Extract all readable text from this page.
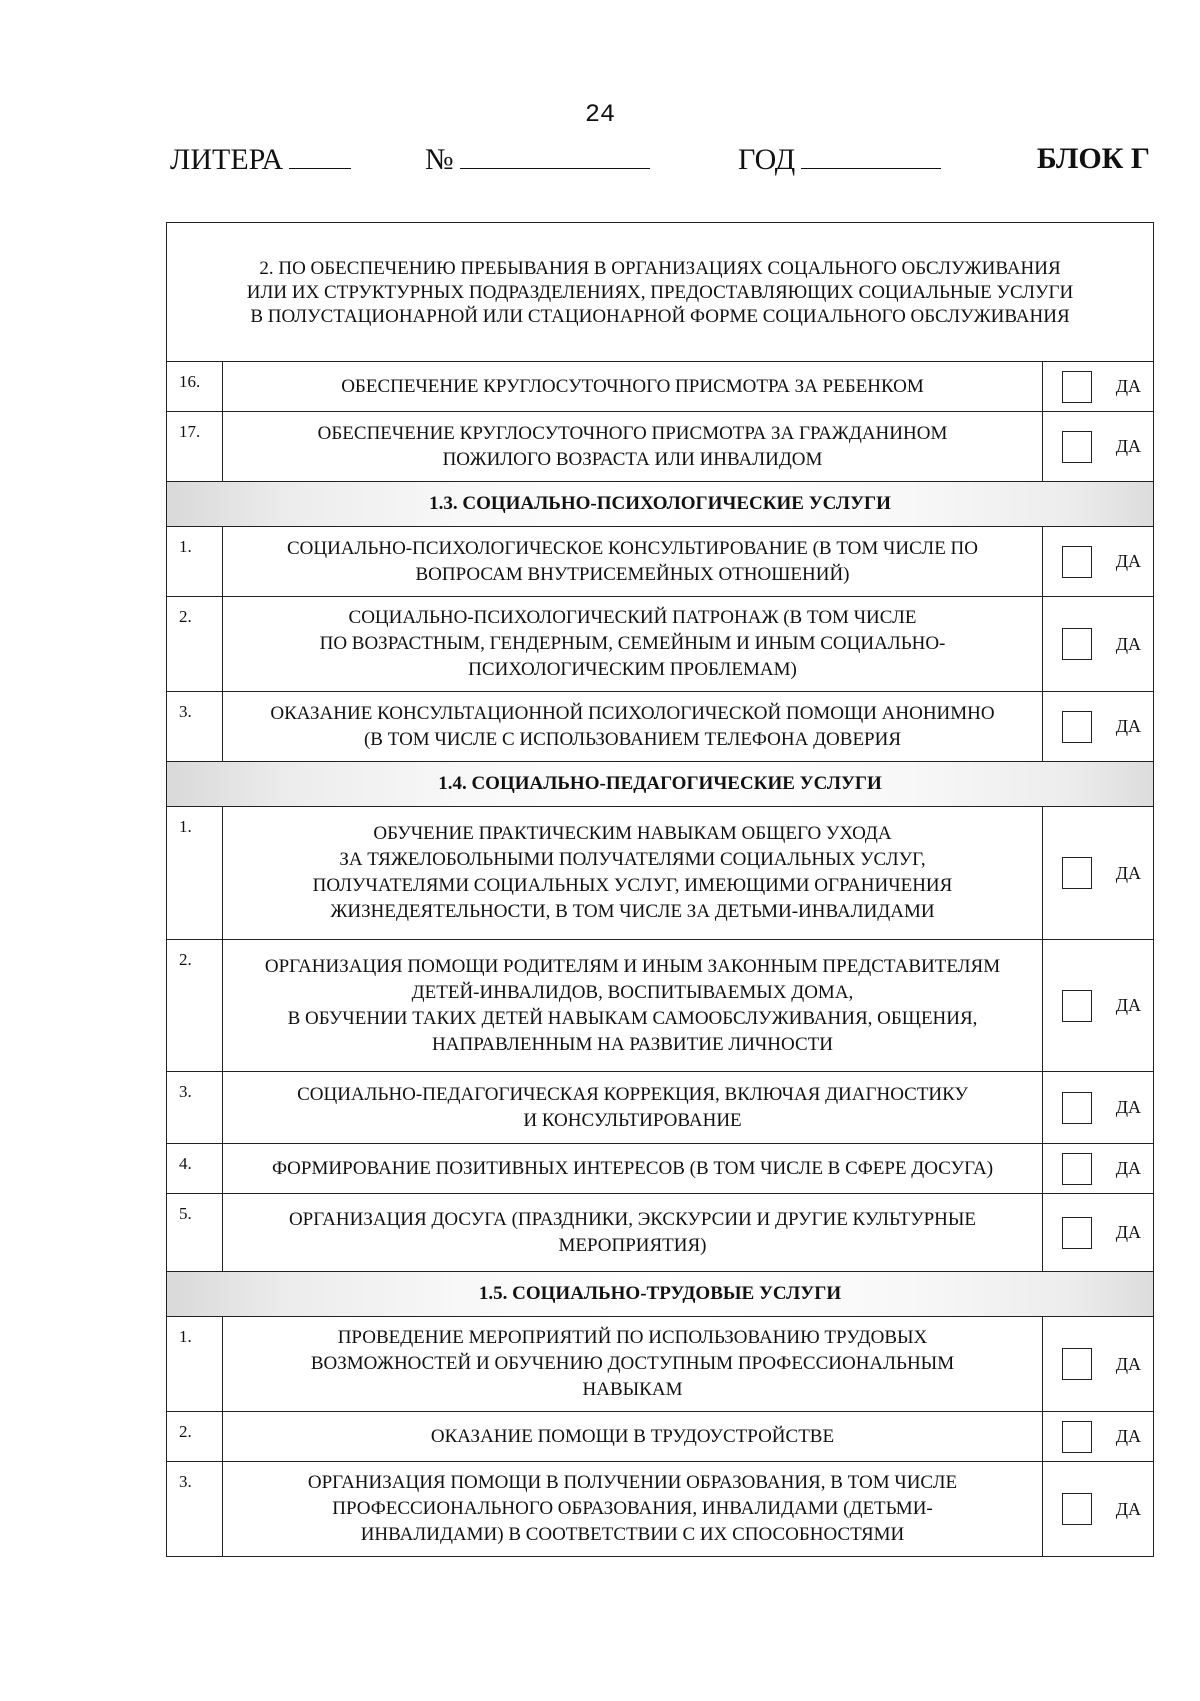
24
ЛИТЕРА	№	ГОД	БЛОК Г
2. ПО ОБЕСПЕЧЕНИЮ ПРЕБЫВАНИЯ В ОРГАНИЗАЦИЯХ СОЦАЛЬНОГО ОБСЛУЖИВАНИЯ
ИЛИ ИХ СТРУКТУРНЫХ ПОДРАЗДЕЛЕНИЯХ, ПРЕДОСТАВЛЯЮЩИХ СОЦИАЛЬНЫЕ УСЛУГИ
В ПОЛУСТАЦИОНАРНОЙ ИЛИ СТАЦИОНАРНОЙ ФОРМЕ СОЦИАЛЬНОГО ОБСЛУЖИВАНИЯ		

16.	ОБЕСПЕЧЕНИЕ КРУГЛОСУТОЧНОГО ПРИСМОТРА ЗА РЕБЕНКОМ	ДА

17.	ОБЕСПЕЧЕНИЕ КРУГЛОСУТОЧНОГО ПРИСМОТРА ЗА ГРАЖДАНИНОМ
ПОЖИЛОГО ВОЗРАСТА ИЛИ ИНВАЛИДОМ	ДА

1.3. СОЦИАЛЬНО-ПСИХОЛОГИЧЕСКИЕ УСЛУГИ		
1.	СОЦИАЛЬНО-ПСИХОЛОГИЧЕСКОЕ КОНСУЛЬТИРОВАНИЕ (В ТОМ ЧИСЛЕ ПО
ВОПРОСАМ ВНУТРИСЕМЕЙНЫХ ОТНОШЕНИЙ)	ДА

2.	СОЦИАЛЬНО-ПСИХОЛОГИЧЕСКИЙ ПАТРОНАЖ (В ТОМ ЧИСЛЕ
ПО ВОЗРАСТНЫМ, ГЕНДЕРНЫМ, СЕМЕЙНЫМ И ИНЫМ СОЦИАЛЬНО-
ПСИХОЛОГИЧЕСКИМ ПРОБЛЕМАМ)	ДА

3.	ОКАЗАНИЕ КОНСУЛЬТАЦИОННОЙ ПСИХОЛОГИЧЕСКОЙ ПОМОЩИ АНОНИМНО
(В ТОМ ЧИСЛЕ С ИСПОЛЬЗОВАНИЕМ ТЕЛЕФОНА ДОВЕРИЯ	ДА

1.4. СОЦИАЛЬНО-ПЕДАГОГИЧЕСКИЕ УСЛУГИ		
1.	ОБУЧЕНИЕ ПРАКТИЧЕСКИМ НАВЫКАМ ОБЩЕГО УХОДА
ЗА ТЯЖЕЛОБОЛЬНЫМИ ПОЛУЧАТЕЛЯМИ СОЦИАЛЬНЫХ УСЛУГ,
ПОЛУЧАТЕЛЯМИ СОЦИАЛЬНЫХ УСЛУГ, ИМЕЮЩИМИ ОГРАНИЧЕНИЯ
ЖИЗНЕДЕЯТЕЛЬНОСТИ, В ТОМ ЧИСЛЕ ЗА ДЕТЬМИ-ИНВАЛИДАМИ	ДА

2.	ОРГАНИЗАЦИЯ ПОМОЩИ РОДИТЕЛЯМ И ИНЫМ ЗАКОННЫМ ПРЕДСТАВИТЕЛЯМ
ДЕТЕЙ-ИНВАЛИДОВ, ВОСПИТЫВАЕМЫХ ДОМА,
В ОБУЧЕНИИ ТАКИХ ДЕТЕЙ НАВЫКАМ САМООБСЛУЖИВАНИЯ, ОБЩЕНИЯ,
НАПРАВЛЕННЫМ НА РАЗВИТИЕ ЛИЧНОСТИ	ДА

3.	СОЦИАЛЬНО-ПЕДАГОГИЧЕСКАЯ КОРРЕКЦИЯ, ВКЛЮЧАЯ ДИАГНОСТИКУ
И КОНСУЛЬТИРОВАНИЕ	ДА

4.	ФОРМИРОВАНИЕ ПОЗИТИВНЫХ ИНТЕРЕСОВ (В ТОМ ЧИСЛЕ В СФЕРЕ ДОСУГА)	ДА

5.	ОРГАНИЗАЦИЯ ДОСУГА (ПРАЗДНИКИ, ЭКСКУРСИИ И ДРУГИЕ КУЛЬТУРНЫЕ
МЕРОПРИЯТИЯ)	ДА

1.5. СОЦИАЛЬНО-ТРУДОВЫЕ УСЛУГИ		
1.	ПРОВЕДЕНИЕ МЕРОПРИЯТИЙ ПО ИСПОЛЬЗОВАНИЮ ТРУДОВЫХ
ВОЗМОЖНОСТЕЙ И ОБУЧЕНИЮ ДОСТУПНЫМ ПРОФЕССИОНАЛЬНЫМ
НАВЫКАМ	ДА

2.	ОКАЗАНИЕ ПОМОЩИ В ТРУДОУСТРОЙСТВЕ	ДА

3.	ОРГАНИЗАЦИЯ ПОМОЩИ В ПОЛУЧЕНИИ ОБРАЗОВАНИЯ, В ТОМ ЧИСЛЕ
ПРОФЕССИОНАЛЬНОГО ОБРАЗОВАНИЯ, ИНВАЛИДАМИ (ДЕТЬМИ-
ИНВАЛИДАМИ) В СООТВЕТСТВИИ С ИХ СПОСОБНОСТЯМИ	ДА
